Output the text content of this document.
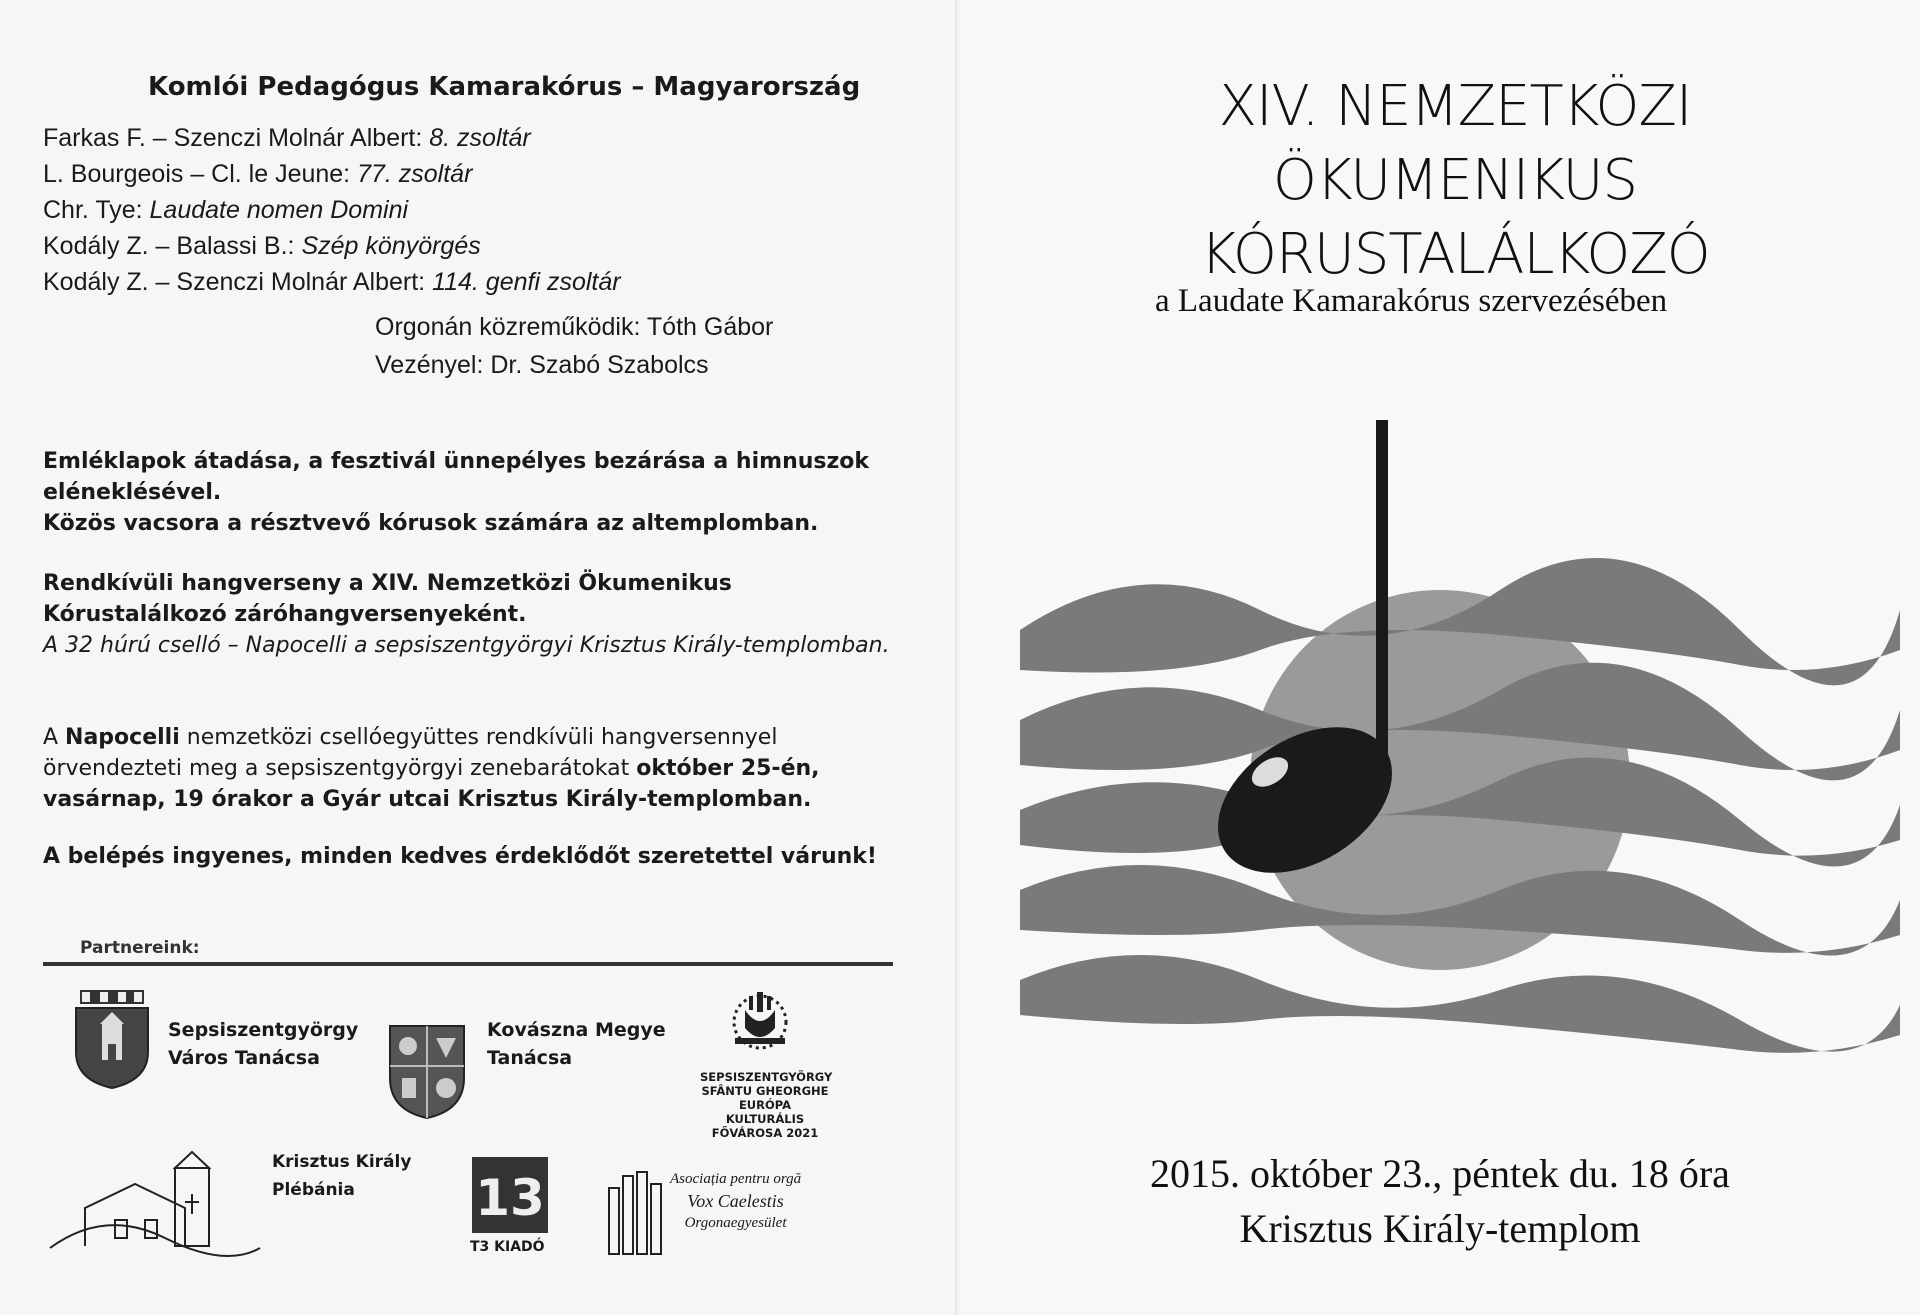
Komlói Pedagógus Kamarakórus – Magyarország
Farkas F. – Szenczi Molnár Albert: 8. zsoltár
L. Bourgeois – Cl. le Jeune: 77. zsoltár
Chr. Tye: Laudate nomen Domini
Kodály Z. – Balassi B.: Szép könyörgés
Kodály Z. – Szenczi Molnár Albert: 114. genfi zsoltár
Orgonán közreműködik: Tóth Gábor
Vezényel: Dr. Szabó Szabolcs
Emléklapok átadása, a fesztivál ünnepélyes bezárása a himnuszok eléneklésével.
Közös vacsora a résztvevő kórusok számára az altemplomban.
Rendkívüli hangverseny a XIV. Nemzetközi Ökumenikus Kórustalálkozó záróhangversenyeként.
A 32 húrú cselló – Napocelli a sepsiszentgyörgyi Krisztus Király-templomban.
A Napocelli nemzetközi csellóegyüttes rendkívüli hangversennyel örvendezteti meg a sepsiszentgyörgyi zenebarátokat október 25-én, vasárnap, 19 órakor a Gyár utcai Krisztus Király-templomban.
A belépés ingyenes, minden kedves érdeklődőt szeretettel várunk!
Partnereink:
Sepsiszentgyörgy
Város Tanácsa
Kovászna Megye
Tanácsa
SEPSISZENTGYÖRGY
SFÂNTU GHEORGHE
EURÓPA KULTURÁLIS
FŐVÁROSA 2021
Krisztus Király
Plébánia	13
T3 KIADÓ
Asociația pentru orgă
Vox Caelestis
Orgonaegyesület
XIV. NEMZETKÖZI ÖKUMENIKUS
KÓRUSTALÁLKOZÓ
a Laudate Kamarakórus szervezésében
2015. október 23., péntek du. 18 óra
Krisztus Király-templom
